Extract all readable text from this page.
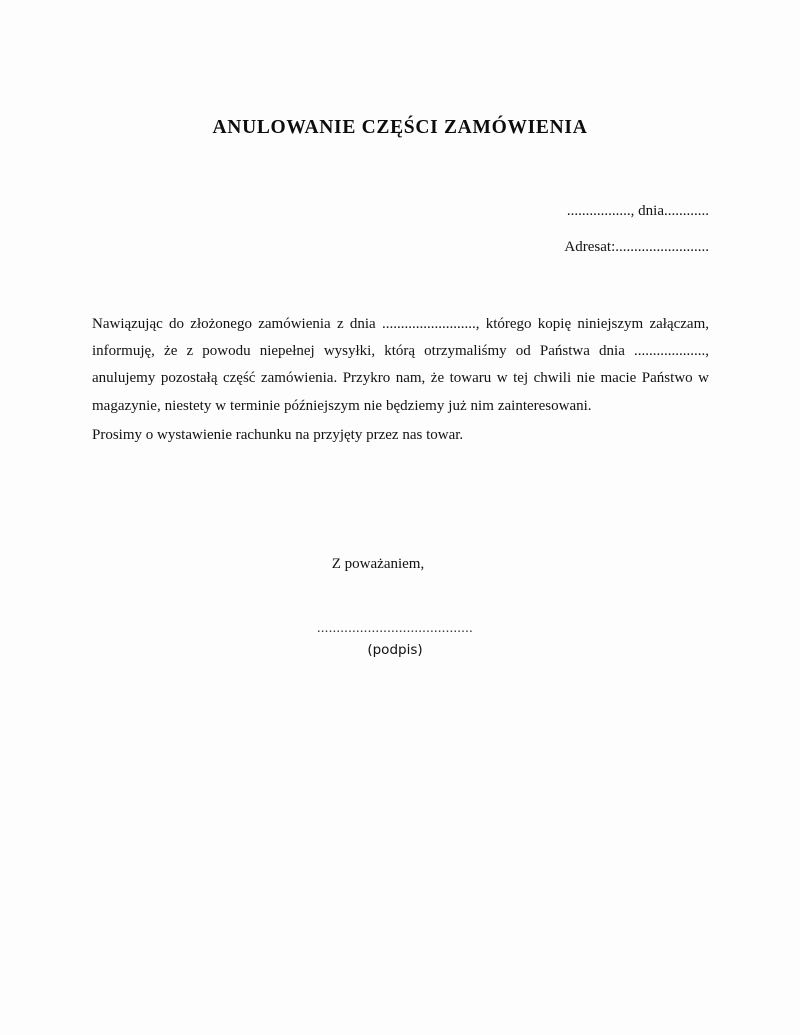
ANULOWANIE CZĘŚCI ZAMÓWIENIA
................., dnia............
Adresat:.........................

Nawiązując do złożonego zamówienia z dnia ........................., którego kopię niniejszym załączam, informuję, że z powodu niepełnej wysyłki, którą otrzymaliśmy od Państwa dnia ..................., anulujemy pozostałą część zamówienia. Przykro nam, że towaru w tej chwili nie macie Państwo w magazynie, niestety w terminie późniejszym nie będziemy już nim zainteresowani.

Prosimy o wystawienie rachunku na przyjęty przez nas towar.

Z poważaniem,
........................................
(podpis)
